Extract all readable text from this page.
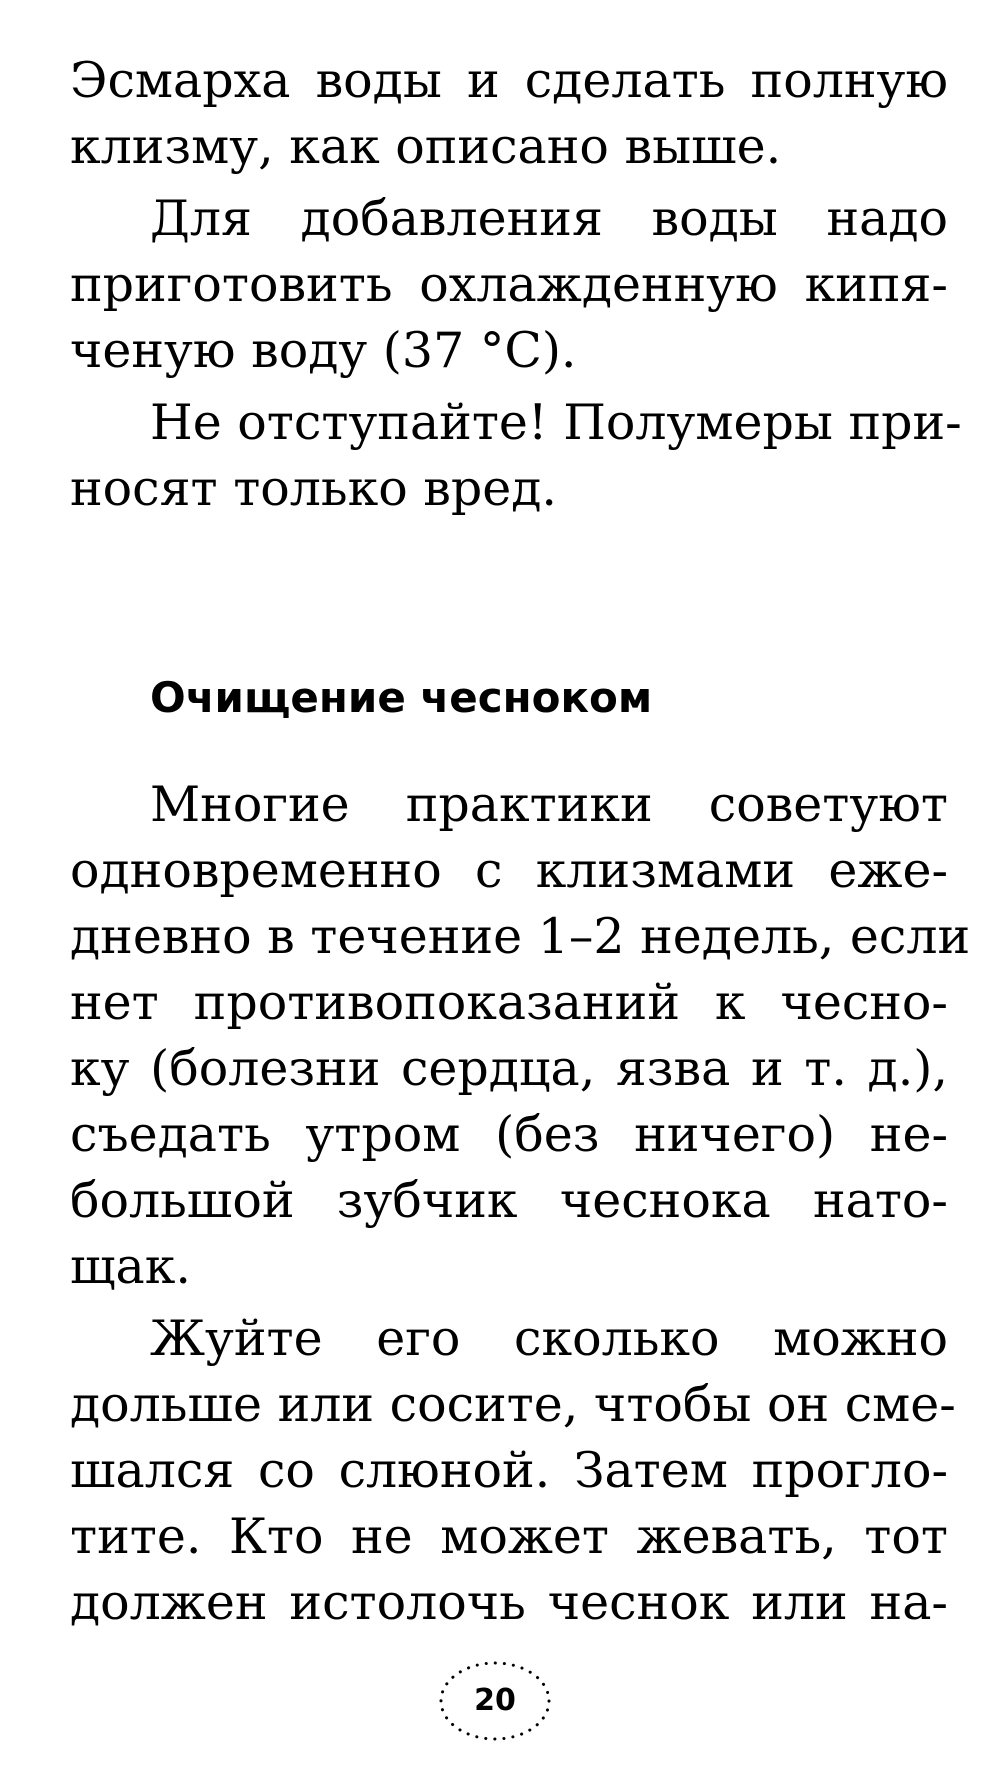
Эсмарха воды и сделать полную
клизму, как описано выше.
Для добавления воды надо
приготовить охлажденную кипя-
ченую воду (37 °C).
Не отступайте! Полумеры при-
носят только вред.
Очищение чесноком
Многие практики советуют
одновременно с клизмами еже-
дневно в течение 1–2 недель, если
нет противопоказаний к чесно-
ку (болезни сердца, язва и т. д.),
съедать утром (без ничего) не-
большой зубчик чеснока нато-
щак.
Жуйте его сколько можно
дольше или сосите, чтобы он сме-
шался со слюной. Затем прогло-
тите. Кто не может жевать, тот
должен истолочь чеснок или на-
20
